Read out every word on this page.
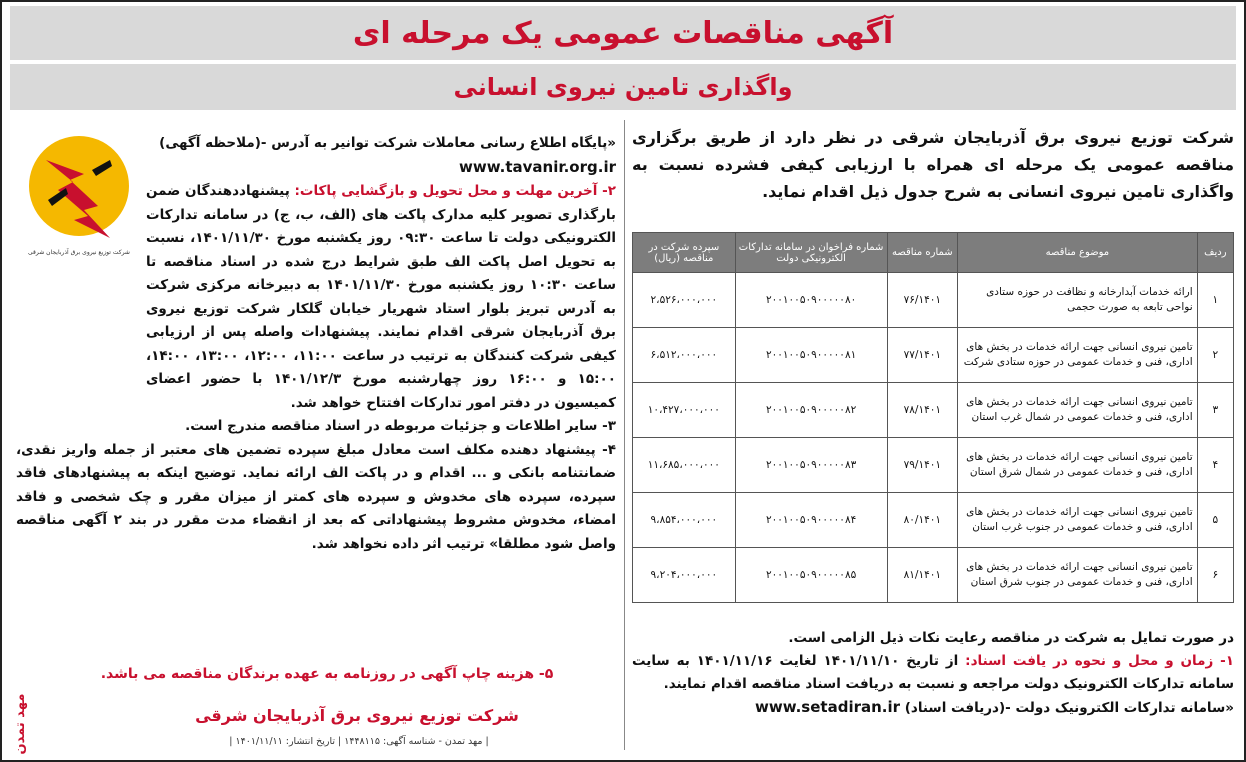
آگهی مناقصات عمومی یک مرحله ای
واگذاری تامین نیروی انسانی

شرکت توزیع نیروی برق آذربایجان شرقی در نظر دارد از طریق برگزاری مناقصه عمومی یک مرحله ای همراه با ارزیابی کیفی فشرده نسبت به واگذاری تامین نیروی انسانی به شرح جدول ذیل اقدام نماید.

ردیف	موضوع مناقصه	شماره مناقصه	شماره فراخوان در سامانه تدارکات الکترونیکی دولت	سپرده شرکت در مناقصه (ریال)
۱	ارائه خدمات آبدارخانه و نظافت در حوزه ستادی نواحی تابعه به صورت حجمی	۷۶/۱۴۰۱	۲۰۰۱۰۰۵۰۹۰۰۰۰۰۸۰	۲،۵۲۶،۰۰۰،۰۰۰
۲	تامین نیروی انسانی جهت ارائه خدمات در بخش های اداری، فنی و خدمات عمومی در حوزه ستادی شرکت	۷۷/۱۴۰۱	۲۰۰۱۰۰۵۰۹۰۰۰۰۰۸۱	۶،۵۱۲،۰۰۰،۰۰۰
۳	تامین نیروی انسانی جهت ارائه خدمات در بخش های اداری، فنی و خدمات عمومی در شمال غرب استان	۷۸/۱۴۰۱	۲۰۰۱۰۰۵۰۹۰۰۰۰۰۸۲	۱۰،۴۲۷،۰۰۰،۰۰۰
۴	تامین نیروی انسانی جهت ارائه خدمات در بخش های اداری، فنی و خدمات عمومی در شمال شرق استان	۷۹/۱۴۰۱	۲۰۰۱۰۰۵۰۹۰۰۰۰۰۸۳	۱۱،۶۸۵،۰۰۰،۰۰۰
۵	تامین نیروی انسانی جهت ارائه خدمات در بخش های اداری، فنی و خدمات عمومی در جنوب غرب استان	۸۰/۱۴۰۱	۲۰۰۱۰۰۵۰۹۰۰۰۰۰۸۴	۹،۸۵۴،۰۰۰،۰۰۰
۶	تامین نیروی انسانی جهت ارائه خدمات در بخش های اداری، فنی و خدمات عمومی در جنوب شرق استان	۸۱/۱۴۰۱	۲۰۰۱۰۰۵۰۹۰۰۰۰۰۸۵	۹،۲۰۴،۰۰۰،۰۰۰

در صورت تمایل به شرکت در مناقصه رعایت نکات ذیل الزامی است.

۱- زمان و محل و نحوه در یافت اسناد: از تاریخ ۱۴۰۱/۱۱/۱۰ لغایت ۱۴۰۱/۱۱/۱۶ به سایت سامانه تدارکات الکترونیک دولت مراجعه و نسبت به دریافت اسناد مناقصه اقدام نمایند.

«سامانه تدارکات الکترونیک دولت -(دریافت اسناد) www.setadiran.ir

شرکت توزیع نیروی برق آذربایجان شرقی

«پایگاه اطلاع رسانی معاملات شرکت توانیر به آدرس -(ملاحظه آگهی)

www.tavanir.org.ir

۲- آخرین مهلت و محل تحویل و بازگشایی پاکات: پیشنهاددهندگان ضمن بارگذاری تصویر کلیه مدارک پاکت های (الف، ب، ج) در سامانه تدارکات الکترونیکی دولت تا ساعت ۰۹:۳۰ روز یکشنبه مورخ ۱۴۰۱/۱۱/۳۰، نسبت به تحویل اصل پاکت الف طبق شرایط درج شده در اسناد مناقصه تا ساعت ۱۰:۳۰ روز یکشنبه مورخ ۱۴۰۱/۱۱/۳۰ به دبیرخانه مرکزی شرکت به آدرس تبریز بلوار استاد شهریار خیابان گلکار شرکت توزیع نیروی برق آذربایجان شرقی اقدام نمایند. پیشنهادات واصله پس از ارزیابی کیفی شرکت کنندگان به ترتیب در ساعت ۱۱:۰۰، ۱۲:۰۰، ۱۳:۰۰، ۱۴:۰۰، ۱۵:۰۰ و ۱۶:۰۰ روز چهارشنبه مورخ ۱۴۰۱/۱۲/۳ با حضور اعضای کمیسیون در دفتر امور تدارکات افتتاح خواهد شد.

۳- سایر اطلاعات و جزئیات مربوطه در اسناد مناقصه مندرج است.

۴- پیشنهاد دهنده مکلف است معادل مبلغ سپرده تضمین های معتبر از جمله واریز نقدی، ضمانتنامه بانکی و ... اقدام و در پاکت الف ارائه نماید. توضیح اینکه به پیشنهادهای فاقد سپرده، سپرده های مخدوش و سپرده های کمتر از میزان مقرر و چک شخصی و فاقد امضاء، مخدوش مشروط پیشنهاداتی که بعد از انقضاء مدت مقرر در بند ۲ آگهی مناقصه واصل شود مطلقا» ترتیب اثر داده نخواهد شد.

۵- هزینه چاپ آگهی در روزنامه به عهده برندگان مناقصه می باشد.
شرکت توزیع نیروی برق آذربایجان شرقی
| مهد تمدن - شناسه آگهی: ۱۴۴۸۱۱۵ | تاریخ انتشار: ۱۴۰۱/۱۱/۱۱ |
مهد تمدن
